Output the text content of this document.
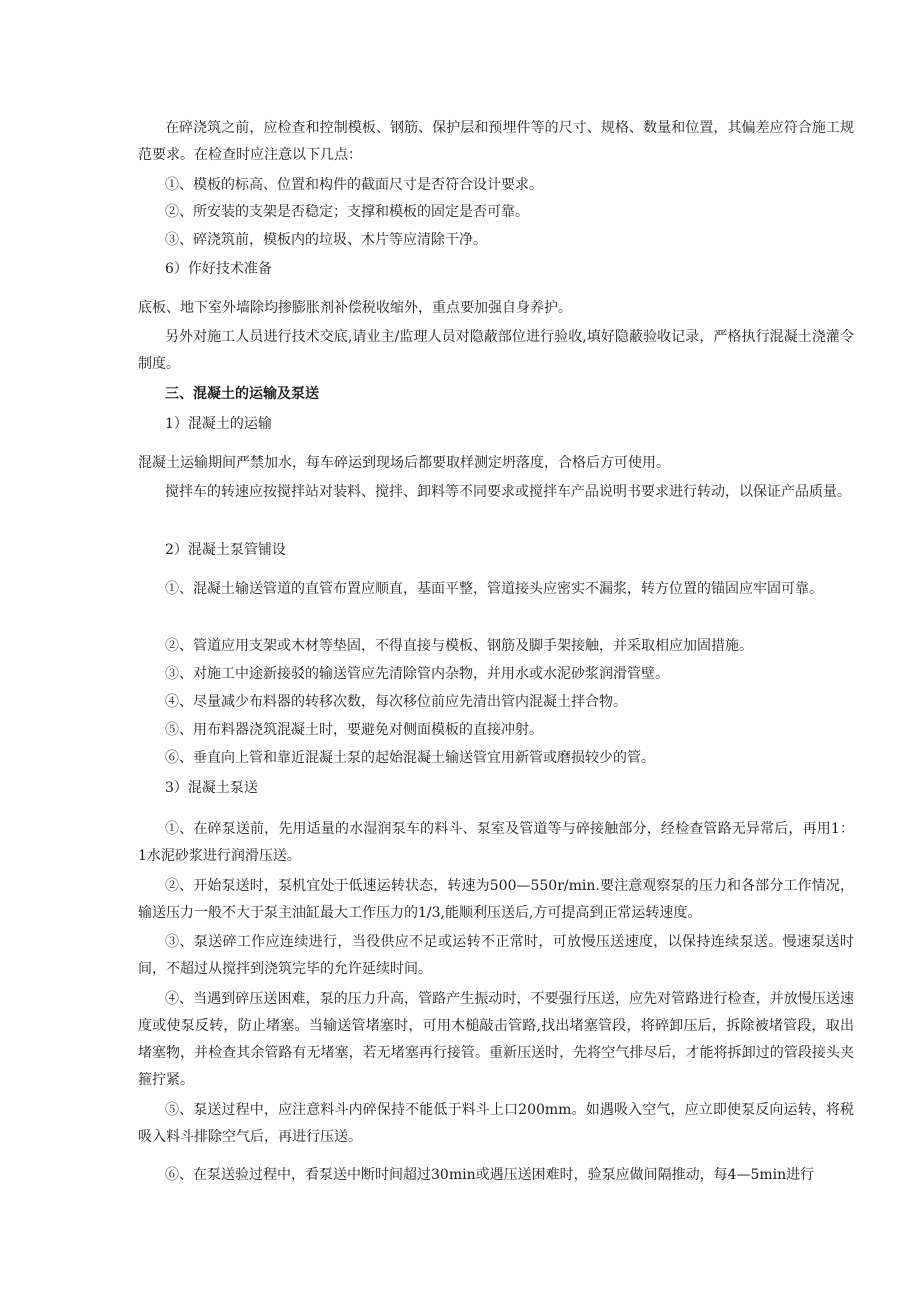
在碎浇筑之前，应检查和控制模板、钢筋、保护层和预埋件等的尺寸、规格、数量和位置，其偏差应符合施工规范要求。在检查时应注意以下几点：

①、模板的标高、位置和构件的截面尺寸是否符合设计要求。

②、所安装的支架是否稳定；支撑和模板的固定是否可靠。

③、碎浇筑前，模板内的垃圾、木片等应清除干净。

6）作好技术准备

底板、地下室外墙除均掺膨胀剂补偿税收缩外，重点要加强自身养护。

另外对施工人员进行技术交底,请业主/监理人员对隐蔽部位进行验收,填好隐蔽验收记录，严格执行混凝土浇灌令制度。

三、混凝土的运输及泵送

1）混凝土的运输

混凝土运输期间严禁加水，每车碎运到现场后都要取样测定坍落度，合格后方可使用。

搅拌车的转速应按搅拌站对装料、搅拌、卸料等不同要求或搅拌车产品说明书要求进行转动，以保证产品质量。

2）混凝土泵管铺设

①、混凝土输送管道的直管布置应顺直，基面平整，管道接头应密实不漏浆，转方位置的锚固应牢固可靠。

②、管道应用支架或木材等垫固，不得直接与模板、钢筋及脚手架接触，并采取相应加固措施。

③、对施工中途新接驳的输送管应先清除管内杂物，并用水或水泥砂浆润滑管壁。

④、尽量减少布料器的转移次数，每次移位前应先清出管内混凝土拌合物。

⑤、用布料器浇筑混凝土时，要避免对侧面模板的直接冲射。

⑥、垂直向上管和靠近混凝土泵的起始混凝土输送管宜用新管或磨损较少的管。

3）混凝土泵送

①、在碎泵送前，先用适量的水湿润泵车的料斗、泵室及管道等与碎接触部分，经检查管路无异常后，再用1：1水泥砂浆进行润滑压送。

②、开始泵送时，泵机宜处于低速运转状态，转速为500—550r/min.要注意观察泵的压力和各部分工作情况，输送压力一般不大于泵主油缸最大工作压力的1/3,能顺利压送后,方可提高到正常运转速度。

③、泵送碎工作应连续进行，当役供应不足或运转不正常时，可放慢压送速度，以保持连续泵送。慢速泵送时间，不超过从搅拌到浇筑完毕的允许延续时间。

④、当遇到碎压送困难，泵的压力升高，管路产生振动时，不要强行压送，应先对管路进行检查，并放慢压送速度或使泵反转，防止堵塞。当输送管堵塞时，可用木槌敲击管路,找出堵塞管段，将碎卸压后，拆除被堵管段，取出堵塞物，并检查其余管路有无堵塞，若无堵塞再行接管。重新压送时，先将空气排尽后，才能将拆卸过的管段接头夹箍拧紧。

⑤、泵送过程中，应注意料斗内碎保持不能低于料斗上口200mm。如遇吸入空气，应立即使泵反向运转，将税吸入料斗排除空气后，再进行压送。

⑥、在泵送验过程中，看泵送中断时间超过30min或遇压送困难时，验泵应做间隔推动，每4—5min进行
